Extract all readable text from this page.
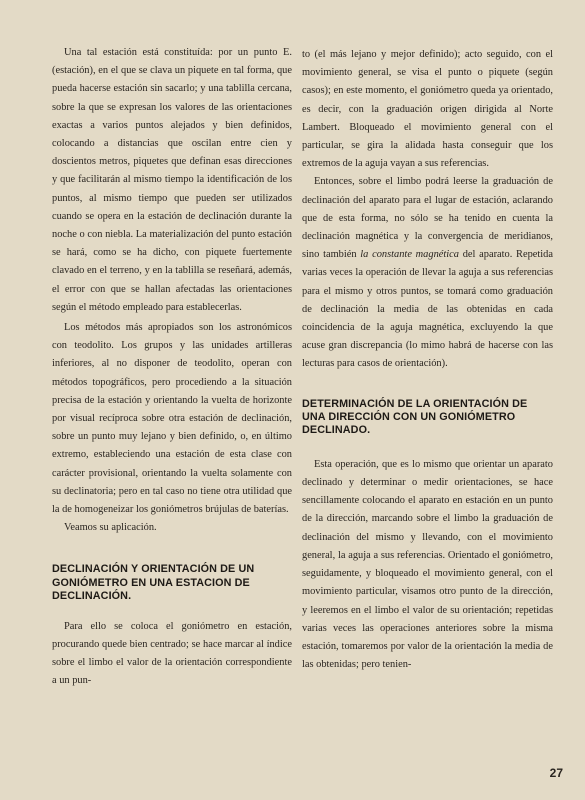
Una tal estación está constituída: por un punto E. (estación), en el que se clava un piquete en tal forma, que pueda hacerse estación sin sacarlo; y una tablilla cercana, sobre la que se expresan los valores de las orientaciones exactas a varios puntos alejados y bien definidos, colocando a distancias que oscilan entre cien y doscientos metros, piquetes que definan esas direcciones y que facilitarán al mismo tiempo la identificación de los puntos, al mismo tiempo que pueden ser utilizados cuando se opera en la estación de declinación durante la noche o con niebla. La materialización del punto estación se hará, como se ha dicho, con piquete fuertemente clavado en el terreno, y en la tablilla se reseñará, además, el error con que se hallan afectadas las orientaciones según el método empleado para establecerlas.

Los métodos más apropiados son los astronómicos con teodolito. Los grupos y las unidades artilleras inferiores, al no disponer de teodolito, operan con métodos topográficos, pero procediendo a la situación precisa de la estación y orientando la vuelta de horizonte por visual recíproca sobre otra estación de declinación, sobre un punto muy lejano y bien definido, o, en último extremo, estableciendo una estación de esta clase con carácter provisional, orientando la vuelta solamente con su declinatoria; pero en tal caso no tiene otra utilidad que la de homogeneizar los goniómetros brújulas de baterías.

Veamos su aplicación.

DECLINACIÓN Y ORIENTACIÓN DE UN GONIÓMETRO EN UNA ESTACION DE DECLINACIÓN.

Para ello se coloca el goniómetro en estación, procurando quede bien centrado; se hace marcar al índice sobre el limbo el valor de la orientación correspondiente a un pun-

to (el más lejano y mejor definido); acto seguido, con el movimiento general, se visa el punto o piquete (según casos); en este momento, el goniómetro queda ya orientado, es decir, con la graduación origen dirigida al Norte Lambert. Bloqueado el movimiento general con el particular, se gira la alidada hasta conseguir que los extremos de la aguja vayan a sus referencias.

Entonces, sobre el limbo podrá leerse la graduación de declinación del aparato para el lugar de estación, aclarando que de esta forma, no sólo se ha tenido en cuenta la declinación magnética y la convergencia de meridianos, sino también la constante magnética del aparato. Repetida varias veces la operación de llevar la aguja a sus referencias para el mismo y otros puntos, se tomará como graduación de declinación la media de las obtenidas en cada coincidencia de la aguja magnética, excluyendo la que acuse gran discrepancia (lo mimo habrá de hacerse con las lecturas para casos de orientación).

DETERMINACIÓN DE LA ORIENTACIÓN DE UNA DIRECCIÓN CON UN GONIÓMETRO DECLINADO.

Esta operación, que es lo mismo que orientar un aparato declinado y determinar o medir orientaciones, se hace sencillamente colocando el aparato en estación en un punto de la dirección, marcando sobre el limbo la graduación de declinación del mismo y llevando, con el movimiento general, la aguja a sus referencias. Orientado el goniómetro, seguidamente, y bloqueado el movimiento general, con el movimiento particular, visamos otro punto de la dirección, y leeremos en el limbo el valor de su orientación; repetidas varias veces las operaciones anteriores sobre la misma estación, tomaremos por valor de la orientación la media de las obtenidas; pero tenien-

27
